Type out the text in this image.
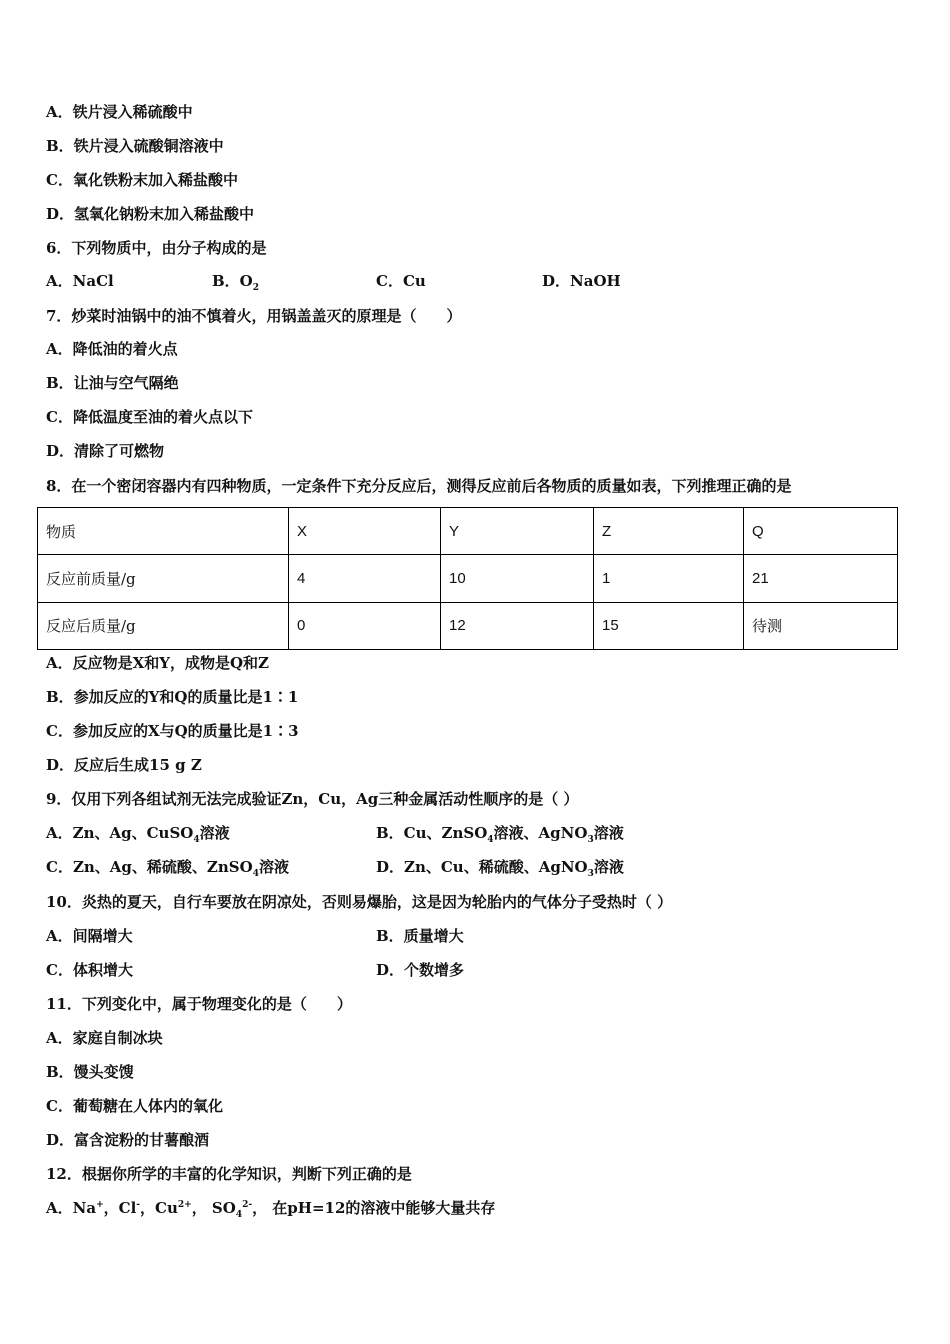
A．铁片浸入稀硫酸中
B．铁片浸入硫酸铜溶液中
C．氧化铁粉末加入稀盐酸中
D．氢氧化钠粉末加入稀盐酸中
6．下列物质中，由分子构成的是
A．NaCl	B．$O_2$	C．Cu	D．NaOH
7．炒菜时油锅中的油不慎着火，用锅盖盖灭的原理是（　　）
A．降低油的着火点
B．让油与空气隔绝
C．降低温度至油的着火点以下
D．清除了可燃物
8．在一个密闭容器内有四种物质，一定条件下充分反应后，测得反应前后各物质的质量如表，下列推理正确的是
物质	X	Y	Z	Q
反应前质量/g	4	10	1	21
反应后质量/g	0	12	15	待测
A．反应物是X和Y，成物是Q和Z
B．参加反应的Y和Q的质量比是1∶1
C．参加反应的X与Q的质量比是1∶3
D．反应后生成15 g Z
9．仅用下列各组试剂无法完成验证Zn，Cu，Ag三种金属活动性顺序的是（ ）
A．Zn、Ag、CuSO$_4$溶液	B．Cu、ZnSO$_4$溶液、AgNO$_3$溶液
C．Zn、Ag、稀硫酸、ZnSO$_4$溶液	D．Zn、Cu、稀硫酸、AgNO$_3$溶液
10．炎热的夏天，自行车要放在阴凉处，否则易爆胎，这是因为轮胎内的气体分子受热时（ ）
A．间隔增大	B．质量增大
C．体积增大	D．个数增多
11．下列变化中，属于物理变化的是（　　）
A．家庭自制冰块
B．馒头变馊
C．葡萄糖在人体内的氧化
D．富含淀粉的甘薯酿酒
12．根据你所学的丰富的化学知识，判断下列正确的是
A．Na+，Cl-，$Cu^{2+}$， $SO_4^{2-}$， 在pH=12的溶液中能够大量共存
